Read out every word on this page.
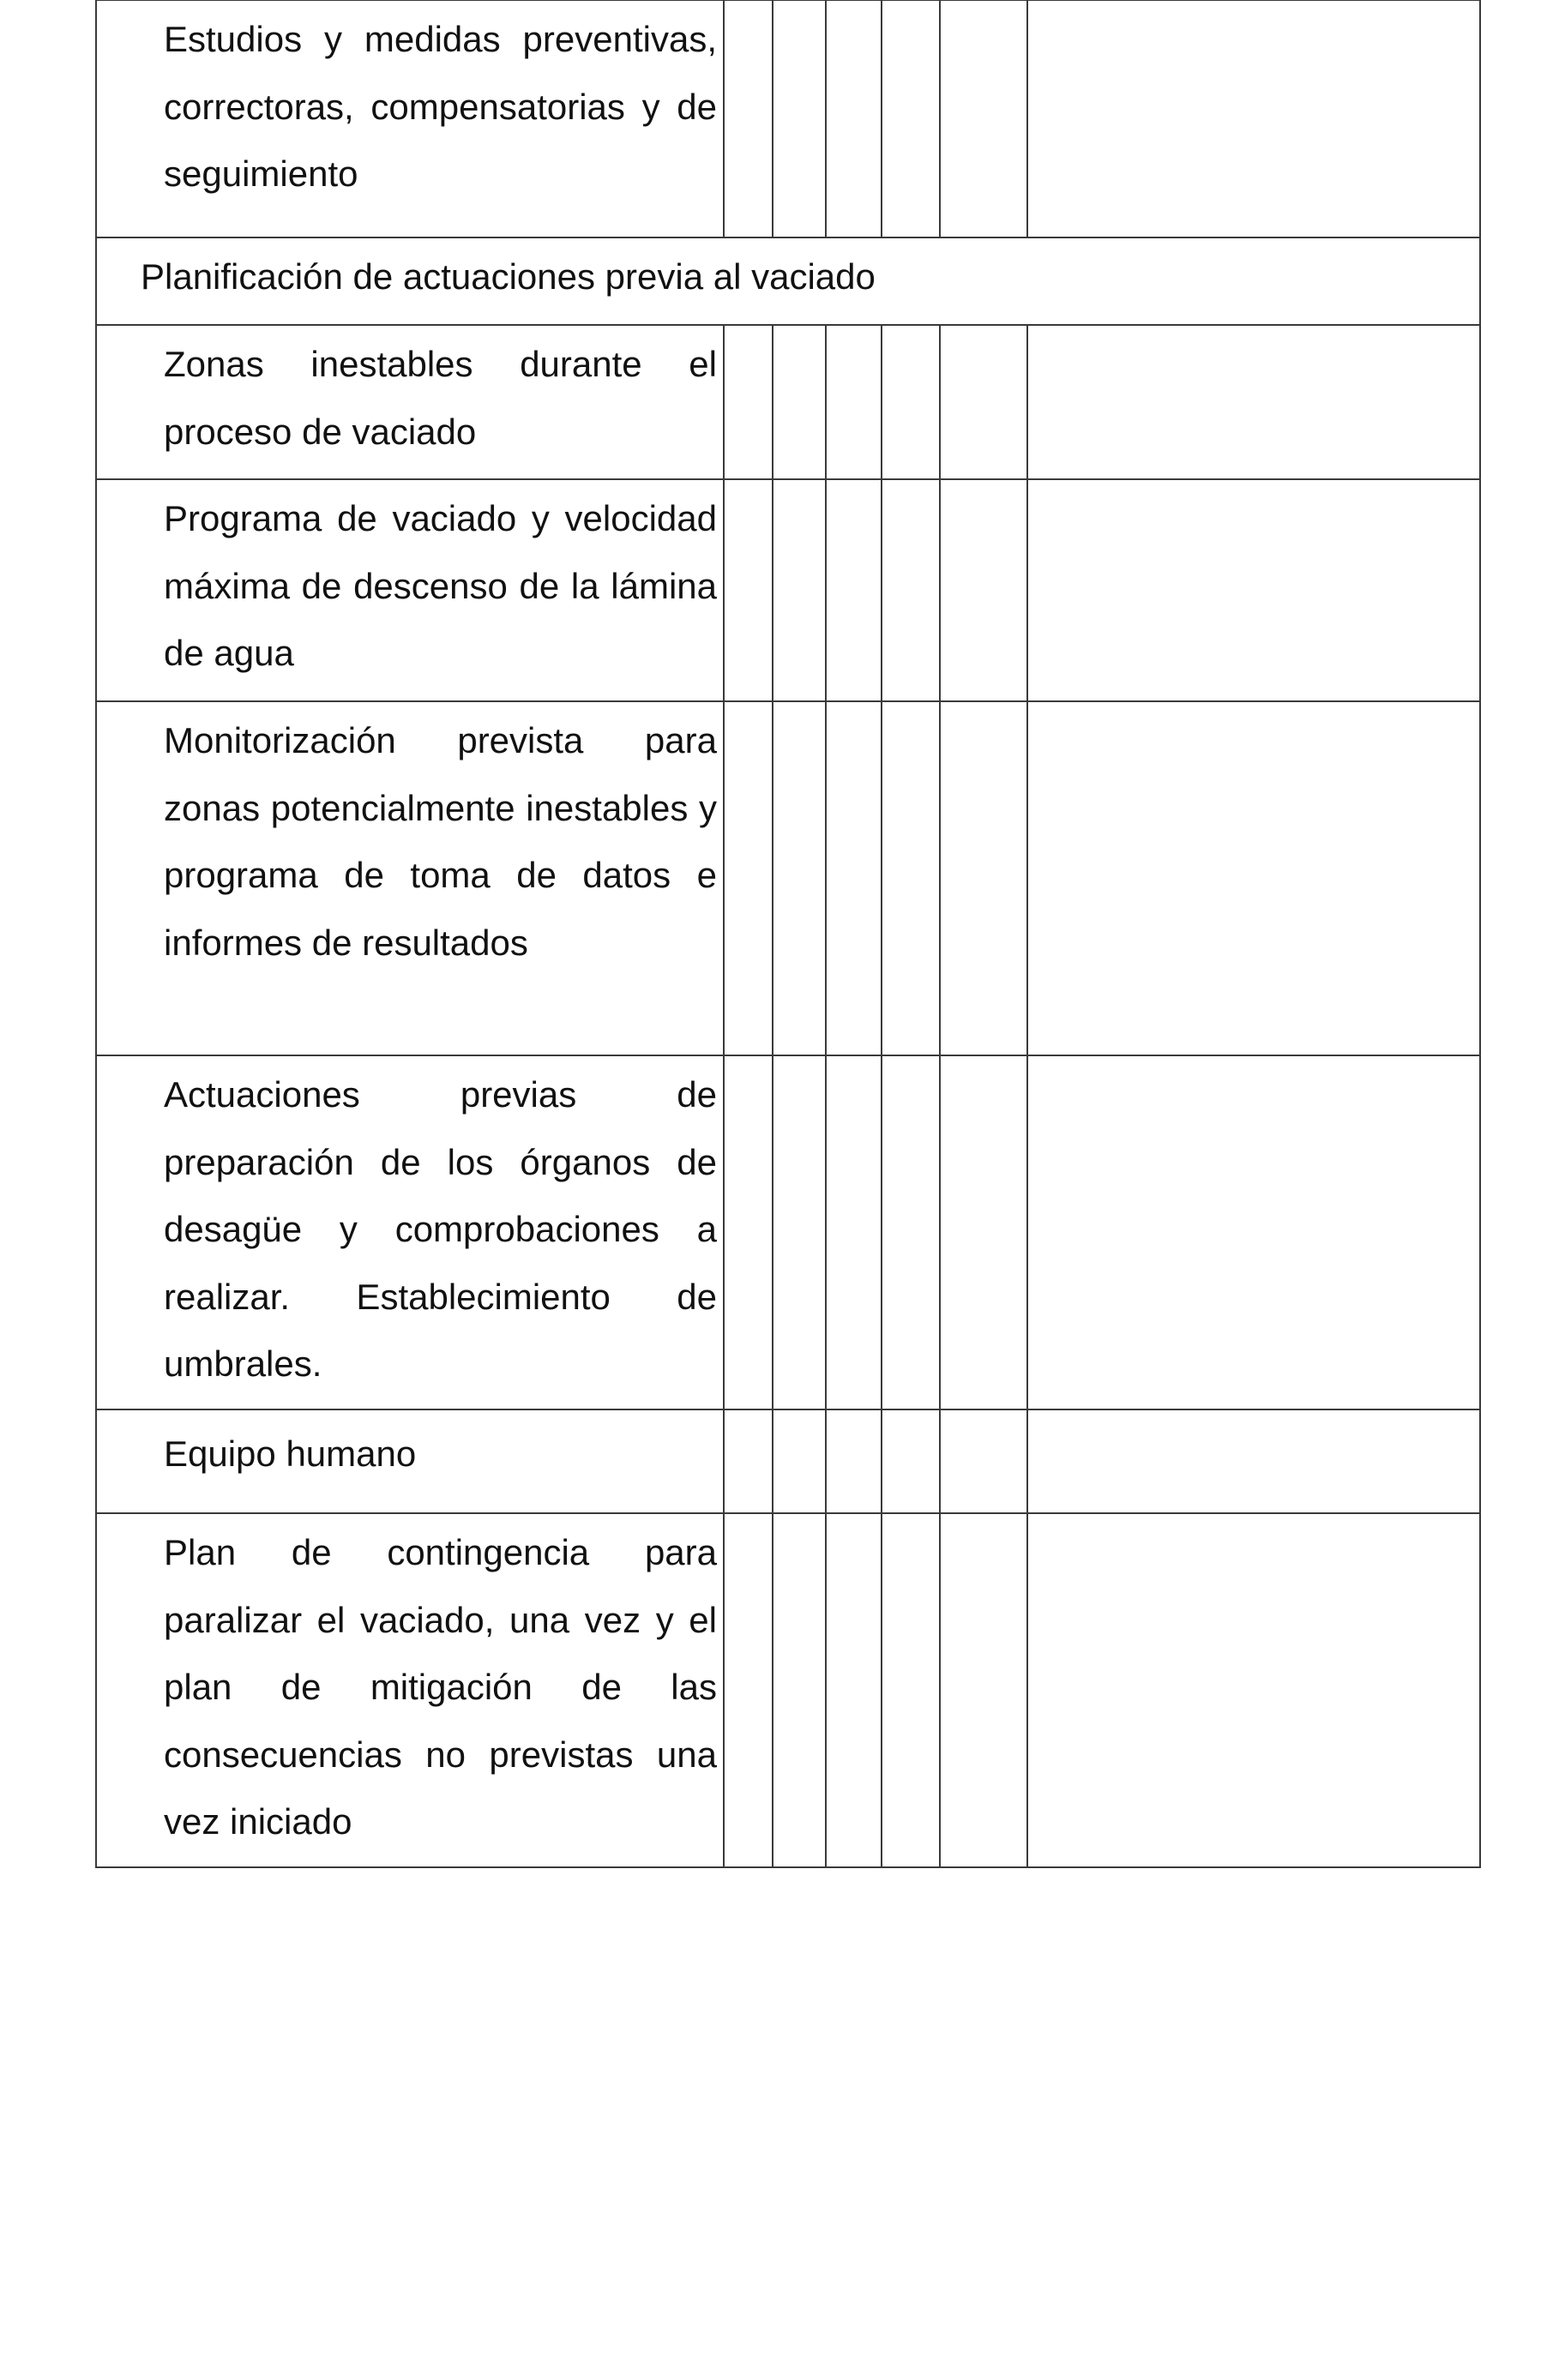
Estudios y medidas preventivas, correctoras, compensatorias y de seguimiento						

Planificación de actuaciones previa al vaciado						

Zonas inestables durante el proceso de vaciado						

Programa de vaciado y velocidad máxima de descenso de la lámina de agua						

Monitorización prevista para zonas potencialmente inestables y programa de toma de datos e informes de resultados						

Actuaciones previas de preparación de los órganos de desagüe y comprobaciones a realizar. Establecimiento de umbrales.						

Equipo humano						

Plan de contingencia para paralizar el vaciado, una vez y el plan de mitigación de las consecuencias no previstas una vez iniciado						
